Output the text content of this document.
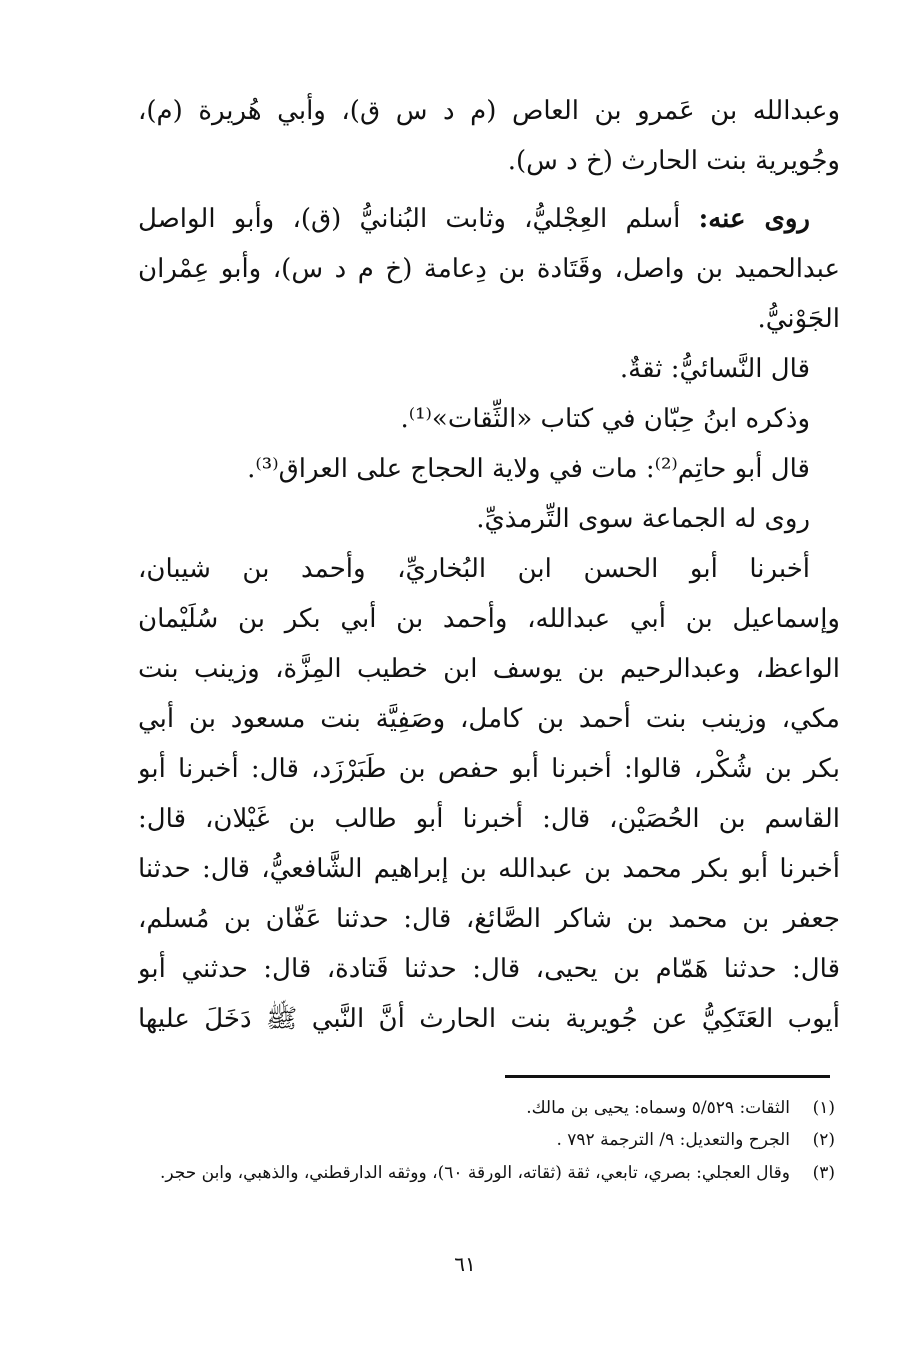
وعبدالله بن عَمرو بن العاص (م د س ق)، وأبي هُريرة (م)،
وجُويرية بنت الحارث (خ د س).
روى عنه: أسلم العِجْليُّ، وثابت البُنانيُّ (ق)، وأبو الواصل
عبدالحميد بن واصل، وقَتَادة بن دِعامة (خ م د س)، وأبو عِمْران
الجَوْنيُّ.
قال النَّسائيُّ: ثقةٌ.
وذكره ابنُ حِبّان في كتاب «الثِّقات»⁽¹⁾.
قال أبو حاتِم⁽²⁾: مات في ولاية الحجاج على العراق⁽³⁾.
روى له الجماعة سوى التِّرمذيِّ.
أخبرنا أبو الحسن ابن البُخاريِّ، وأحمد بن شيبان،
وإسماعيل بن أبي عبدالله، وأحمد بن أبي بكر بن سُلَيْمان
الواعظ، وعبدالرحيم بن يوسف ابن خطيب المِزَّة، وزينب بنت
مكي، وزينب بنت أحمد بن كامل، وصَفِيَّة بنت مسعود بن أبي
بكر بن شُكْر، قالوا: أخبرنا أبو حفص بن طَبَرْزَد، قال: أخبرنا أبو
القاسم بن الحُصَيْن، قال: أخبرنا أبو طالب بن غَيْلان، قال:
أخبرنا أبو بكر محمد بن عبدالله بن إبراهيم الشَّافعيُّ، قال: حدثنا
جعفر بن محمد بن شاكر الصَّائغ، قال: حدثنا عَفّان بن مُسلم،
قال: حدثنا هَمّام بن يحيى، قال: حدثنا قَتادة، قال: حدثني أبو
أيوب العَتَكِيُّ عن جُويرية بنت الحارث أنَّ النَّبي ﷺ دَخَلَ عليها
(١)
الثقات: ٥/٥٢٩ وسماه: يحيى بن مالك.
(٢)
الجرح والتعديل: ٩/ الترجمة ٧٩٢ .
(٣)
وقال العجلي: بصري، تابعي، ثقة (ثقاته، الورقة ٦٠)، ووثقه الدارقطني، والذهبي، وابن حجر.
٦١
